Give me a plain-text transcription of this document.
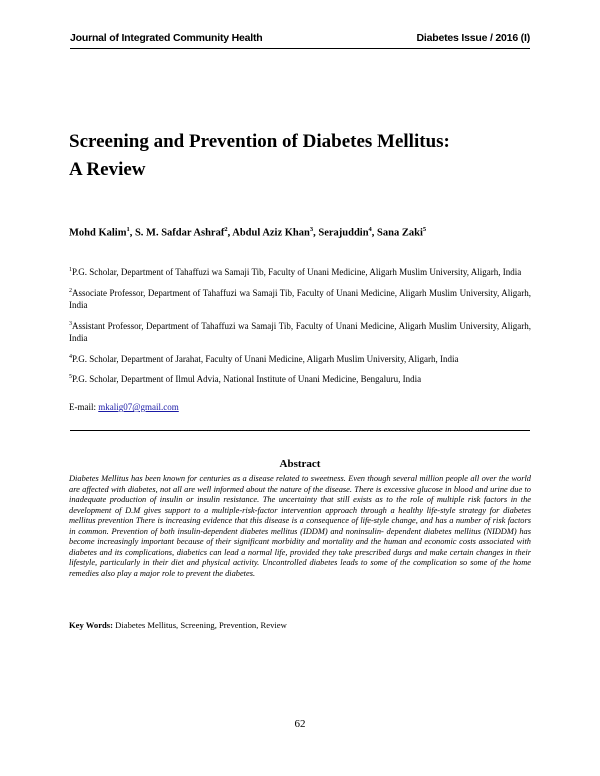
Journal of Integrated Community Health	Diabetes Issue / 2016 (I)
Screening and Prevention of Diabetes Mellitus:
A Review
Mohd Kalim$^1$, S. M. Safdar Ashraf$^2$, Abdul Aziz Khan$^3$, Serajuddin$^4$, Sana Zaki$^5$
$^1$P.G. Scholar, Department of Tahaffuzi wa Samaji Tib, Faculty of Unani Medicine, Aligarh Muslim University, Aligarh, India
$^2$Associate Professor, Department of Tahaffuzi wa Samaji Tib, Faculty of Unani Medicine, Aligarh Muslim University, Aligarh, India
$^3$Assistant Professor, Department of Tahaffuzi wa Samaji Tib, Faculty of Unani Medicine, Aligarh Muslim University, Aligarh, India
$^4$P.G. Scholar, Department of Jarahat, Faculty of Unani Medicine, Aligarh Muslim University, Aligarh, India
$^5$P.G. Scholar, Department of Ilmul Advia, National Institute of Unani Medicine, Bengaluru, India
E-mail: mkalig07@gmail.com
Abstract

Diabetes Mellitus has been known for centuries as a disease related to sweetness. Even though several million people all over the world are affected with diabetes, not all are well informed about the nature of the disease. There is excessive glucose in blood and urine due to inadequate production of insulin or insulin resistance. The uncertainty that still exists as to the role of multiple risk factors in the development of D.M gives support to a multiple-risk-factor intervention approach through a healthy life-style strategy for diabetes mellitus prevention There is increasing evidence that this disease is a consequence of life-style change, and has a number of risk factors in common. Prevention of both insulin-dependent diabetes mellitus (IDDM) and noninsulin- dependent diabetes mellitus (NIDDM) has become increasingly important because of their significant morbidity and mortality and the human and economic costs associated with diabetes and its complications, diabetics can lead a normal life, provided they take prescribed durgs and make certain changes in their lifestyle, particularly in their diet and physical activity. Uncontrolled diabetes leads to some of the complication so some of the home remedies also play a major role to prevent the diabetes.

Key Words: Diabetes Mellitus, Screening, Prevention, Review
62
